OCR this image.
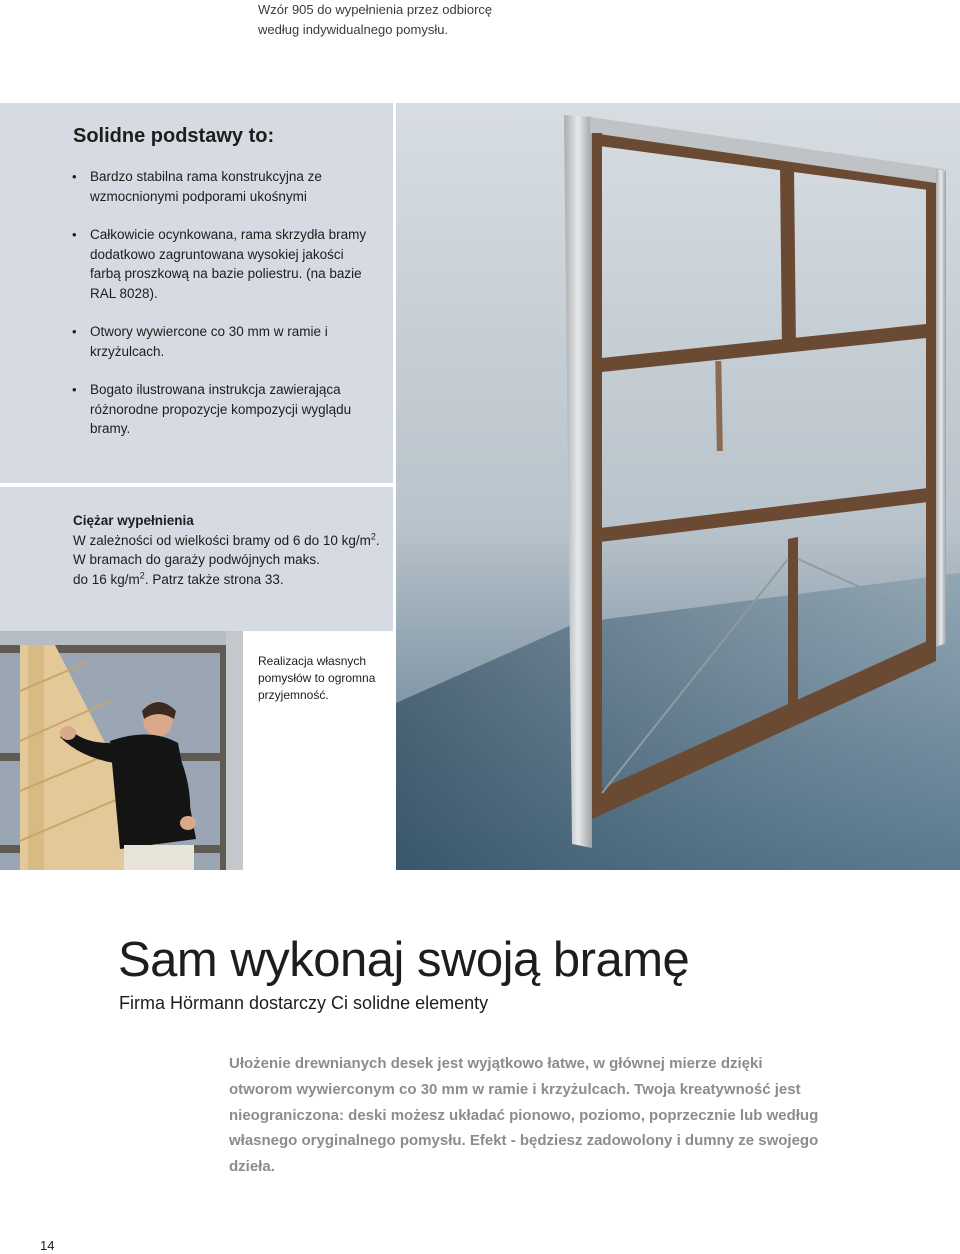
Wzór 905 do wypełnienia przez odbiorcę
według indywidualnego pomysłu.
Solidne podstawy to:
• Bardzo stabilna rama konstrukcyjna ze wzmocnionymi podporami ukośnymi
• Całkowicie ocynkowana, rama skrzydła bramy dodatkowo zagruntowana wysokiej jakości farbą proszkową na bazie poliestru. (na bazie RAL 8028).
• Otwory wywiercone co 30 mm w ramie i krzyżulcach.
• Bogato ilustrowana instrukcja zawierająca różnorodne propozycje kompozycji wyglądu bramy.
Ciężar wypełnienia
W zależności od wielkości bramy od 6 do 10 $kg/m^2$.
W bramach do garaży podwójnych maks.
do 16 $kg/m^2$. Patrz także strona 33.
Realizacja własnych pomysłów to ogromna przyjemność.
Sam wykonaj swoją bramę
Firma Hörmann dostarczy Ci solidne elementy
Ułożenie drewnianych desek jest wyjątkowo łatwe, w głównej mierze dzięki otworom wywierconym co 30 mm w ramie i krzyżulcach. Twoja kreatywność jest nieograniczona: deski możesz układać pionowo, poziomo, poprzecznie lub według własnego oryginalnego pomysłu. Efekt - będziesz zadowolony i dumny ze swojego dzieła.
14
